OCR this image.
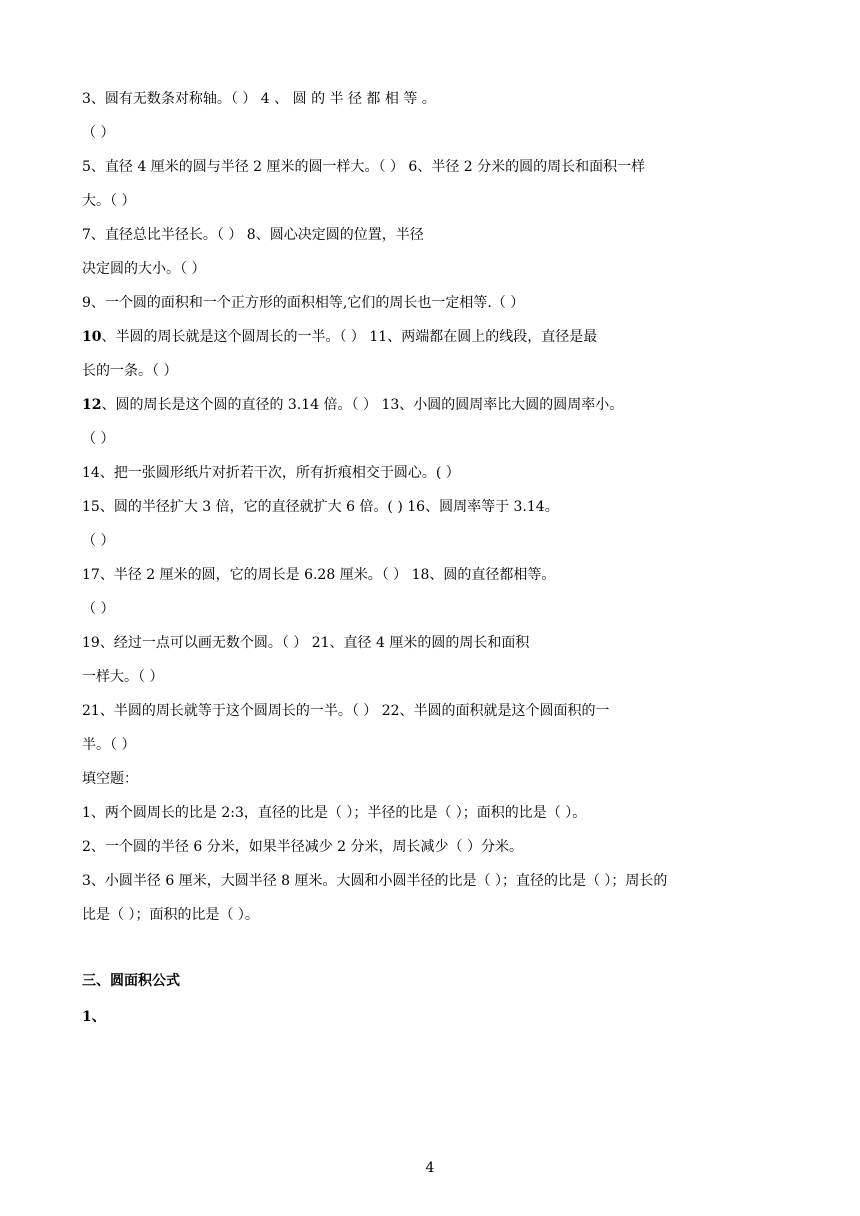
3、圆有无数条对称轴。（ ） 4 、 圆 的 半 径 都 相 等 。
（ ）
5、直径 4 厘米的圆与半径 2 厘米的圆一样大。（ ） 6、半径 2 分米的圆的周长和面积一样
大。（ ）
7、直径总比半径长。（ ） 8、圆心决定圆的位置，半径
决定圆的大小。（ ）
9、一个圆的面积和一个正方形的面积相等,它们的周长也一定相等.（ ）
10、半圆的周长就是这个圆周长的一半。（ ） 11、两端都在圆上的线段，直径是最
长的一条。（ ）
12、圆的周长是这个圆的直径的 3.14 倍。（ ） 13、小圆的圆周率比大圆的圆周率小。
（ ）
14、把一张圆形纸片对折若干次，所有折痕相交于圆心。( ）
15、圆的半径扩大 3 倍，它的直径就扩大 6 倍。( ) 16、圆周率等于 3.14。
（ ）
17、半径 2 厘米的圆，它的周长是 6.28 厘米。（ ） 18、圆的直径都相等。
（ ）
19、经过一点可以画无数个圆。（ ） 21、直径 4 厘米的圆的周长和面积
一样大。（ ）
21、半圆的周长就等于这个圆周长的一半。（ ） 22、半圆的面积就是这个圆面积的一
半。（ ）
填空题：
1、两个圆周长的比是 2:3，直径的比是（ ）；半径的比是（ ）；面积的比是（ ）。
2、一个圆的半径 6 分米，如果半径减少 2 分米，周长减少（ ）分米。
3、小圆半径 6 厘米，大圆半径 8 厘米。大圆和小圆半径的比是（ ）；直径的比是（ ）；周长的
比是（ ）；面积的比是（ ）。
三、圆面积公式
1、
4
